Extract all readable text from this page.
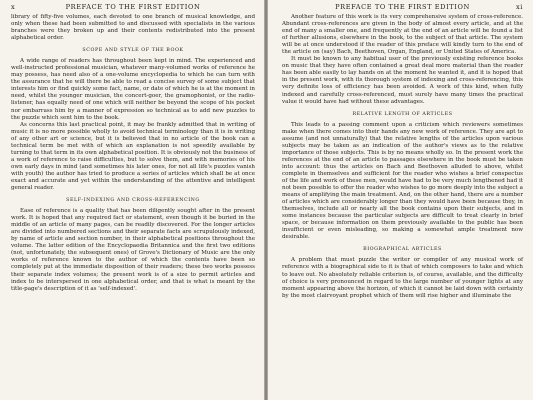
x	PREFACE TO THE FIRST EDITION

library of fifty-five volumes, each devoted to one branch of musical knowledge, and only when these had been submitted to and discussed with specialists in the various branches were they broken up and their contents redistributed into the present alphabetical order.

SCOPE AND STYLE OF THE BOOK

A wide range of readers has throughout been kept in mind. The experienced and well-instructed professional musician, whatever many-volumed works of reference he may possess, has need also of a one-volume encyclopedia to which he can turn with the assurance that he will there be able to read a concise survey of some subject that interests him or find quickly some fact, name, or date of which he is at the moment in need, whilst the younger musician, the concert-goer, the gramophonist, or the radio-listener, has equally need of one which will neither be beyond the scope of his pocket nor embarrass him by a manner of expression so technical as to add new puzzles to the puzzle which sent him to the book.

As concerns this last practical point, it may be frankly admitted that in writing of music it is no more possible wholly to avoid technical terminology than it is in writing of any other art or science, but it is believed that in no article of the book can a technical term be met with of which an explanation is not speedily available by turning to that term in its own alphabetical position. It is obviously not the business of a work of reference to raise difficulties, but to solve them, and with memories of his own early days in mind (and sometimes his later ones, for not all life's puzzles vanish with youth) the author has tried to produce a series of articles which shall be at once exact and accurate and yet within the understanding of the attentive and intelligent general reader.

SELF-INDEXING AND CROSS-REFERENCING

Ease of reference is a quality that has been diligently sought after in the present work. It is hoped that any required fact or statement, even though it be buried in the middle of an article of many pages, can be readily discovered. For the longer articles are divided into numbered sections and their separate facts are scrupulously indexed, by name of article and section number, in their alphabetical positions throughout the volume. The latter edition of the Encyclopaedia Britannica and the first two editions (not, unfortunately, the subsequent ones) of Grove's Dictionary of Music are the only works of reference known to the author of which the contents have been so completely put at the immediate disposition of their readers; these two works possess their separate index volumes; the present work is of a size to permit articles and index to be interspersed in one alphabetical order, and that is what is meant by the title-page's description of it as 'self-indexed'.

PREFACE TO THE FIRST EDITION	xi

Another feature of this work is its very comprehensive system of cross-reference. Abundant cross-references are given in the body of almost every article, and at the end of many a smaller one, and frequently at the end of an article will be found a list of further allusions, elsewhere in the book, to the subject of that article. The system will be at once understood if the reader of this preface will kindly turn to the end of the article on (say) Bach, Beethoven, Organ, England, or United States of America.

It must be known to any habitual user of the previously existing reference books on music that they have often contained a great deal more material than the reader has been able easily to lay hands on at the moment he wanted it, and it is hoped that in the present work, with its thorough system of indexing and cross-referencing, this very definite loss of efficiency has been avoided. A work of this kind, when fully indexed and carefully cross-referenced, must surely have many times the practical value it would have had without these advantages.

RELATIVE LENGTH OF ARTICLES

This leads to a passing comment upon a criticism which reviewers sometimes make when there comes into their hands any new work of reference. They are apt to assume (and not unnaturally) that the relative lengths of the articles upon various subjects may be taken as an indication of the author's views as to the relative importance of those subjects. This is by no means wholly so. In the present work the references at the end of an article to passages elsewhere in the book must be taken into account: thus the articles on Bach and Beethoven alluded to above, whilst complete in themselves and sufficient for the reader who wishes a brief conspectus of the life and work of these men, would have had to be very much lengthened had it not been possible to offer the reader who wishes to go more deeply into the subject a means of amplifying the main treatment. And, on the other hand, there are a number of articles which are considerably longer than they would have been because they, in themselves, include all or nearly all the book contains upon their subjects, and in some instances because the particular subjects are difficult to treat clearly in brief space, or because information on them previously available to the public has been insufficient or even misleading, so making a somewhat ample treatment now desirable.

BIOGRAPHICAL ARTICLES

A problem that must puzzle the writer or compiler of any musical work of reference with a biographical side to it is that of which composers to take and which to leave out. No absolutely reliable criterion is, of course, available, and the difficulty of choice is very pronounced in regard to the large number of younger lights at any moment appearing above the horizon, of which it cannot be laid down with certainty by the most clairvoyant prophet which of them will rise higher and illuminate the
